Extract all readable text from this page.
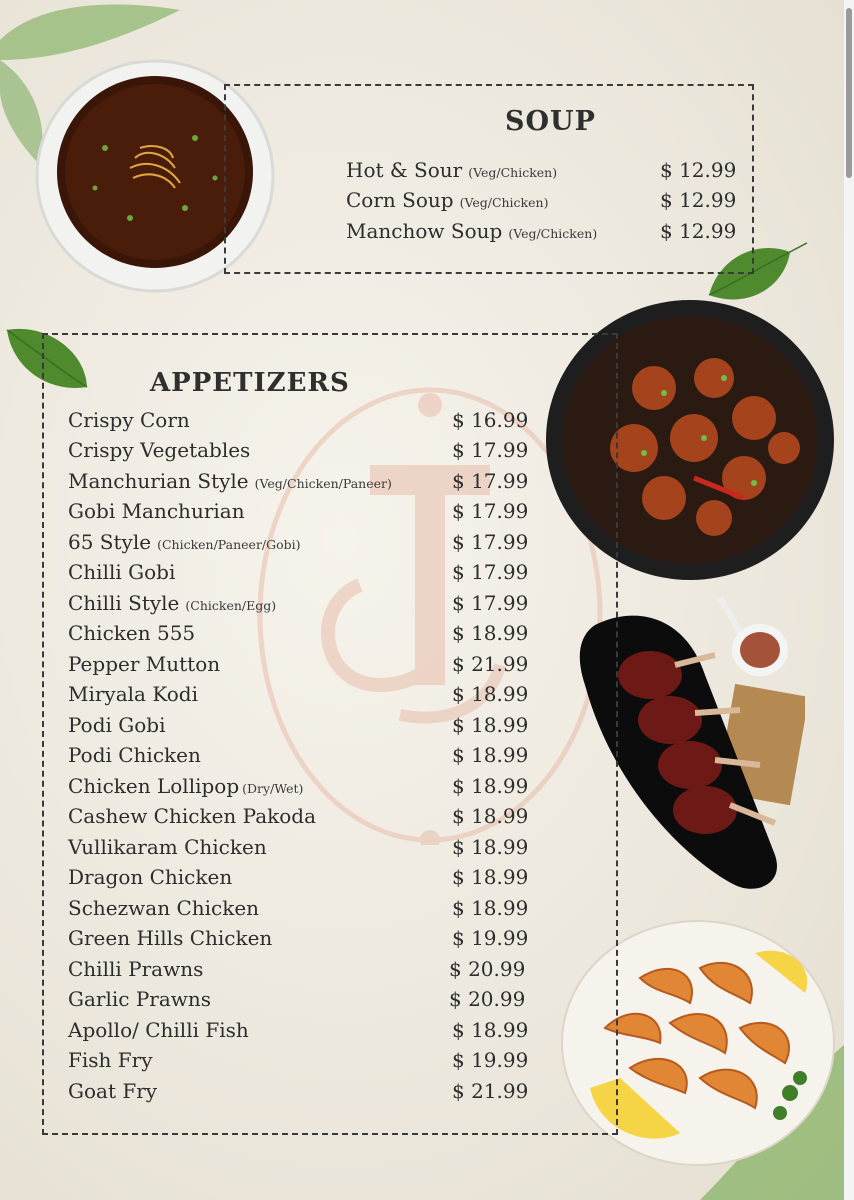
SOUP
APPETIZERS
Hot & Sour (Veg/Chicken)	$ 12.99
Corn Soup (Veg/Chicken)	$ 12.99
Manchow Soup (Veg/Chicken)	$ 12.99
Crispy Corn	$ 16.99
Crispy Vegetables	$ 17.99
Manchurian Style (Veg/Chicken/Paneer)	$ 17.99
Gobi Manchurian	$ 17.99
65 Style (Chicken/Paneer/Gobi)	$ 17.99
Chilli Gobi	$ 17.99
Chilli Style (Chicken/Egg)	$ 17.99
Chicken 555	$ 18.99
Pepper Mutton	$ 21.99
Miryala Kodi	$ 18.99
Podi Gobi	$ 18.99
Podi Chicken	$ 18.99
Chicken Lollipop (Dry/Wet)	$ 18.99
Cashew Chicken Pakoda	$ 18.99
Vullikaram Chicken	$ 18.99
Dragon Chicken	$ 18.99
Schezwan Chicken	$ 18.99
Green Hills Chicken	$ 19.99
Chilli Prawns	$ 20.99
Garlic Prawns	$ 20.99
Apollo/ Chilli Fish	$ 18.99
Fish Fry	$ 19.99
Goat Fry	$ 21.99
